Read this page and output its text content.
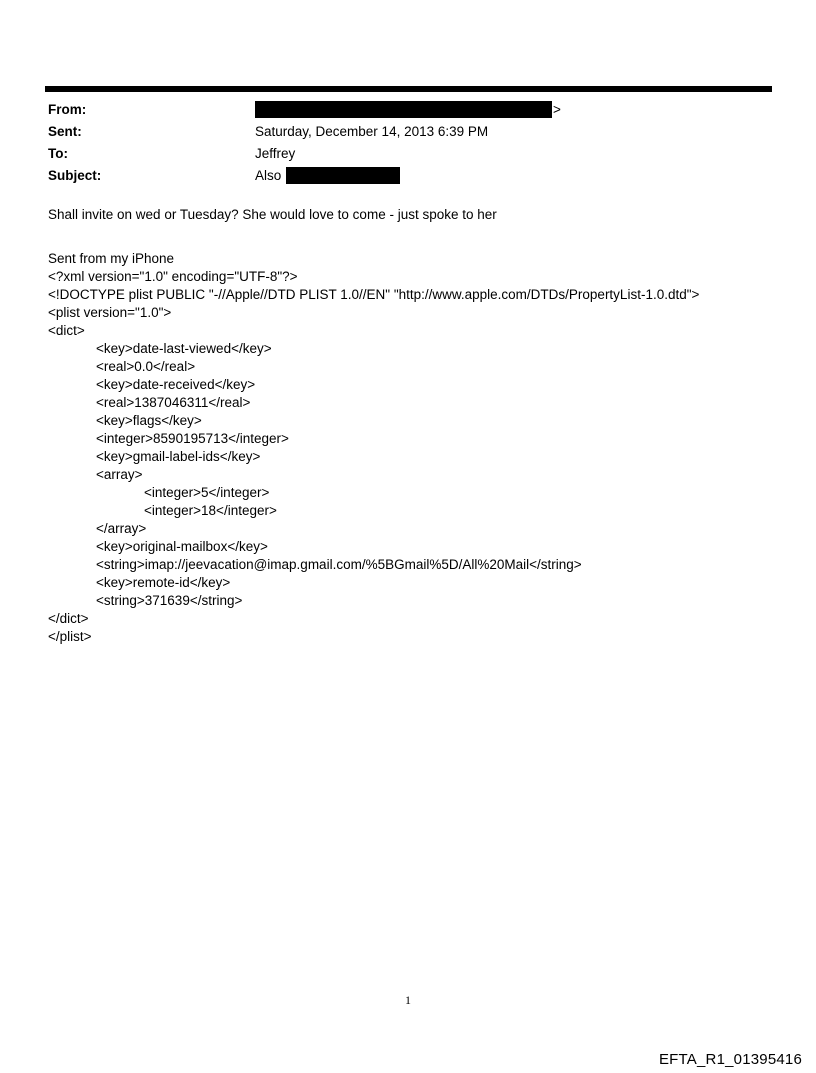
From:	>
Sent:	Saturday, December 14, 2013 6:39 PM
To:	Jeffrey
Subject:	Also
Shall invite on wed or Tuesday? She would love to come - just spoke to her
Sent from my iPhone
<?xml version="1.0" encoding="UTF-8"?>
<!DOCTYPE plist PUBLIC "-//Apple//DTD PLIST 1.0//EN" "http://www.apple.com/DTDs/PropertyList-1.0.dtd">
<plist version="1.0">
<dict>
<key>date-last-viewed</key>
<real>0.0</real>
<key>date-received</key>
<real>1387046311</real>
<key>flags</key>
<integer>8590195713</integer>
<key>gmail-label-ids</key>
<array>
<integer>5</integer>
<integer>18</integer>
</array>
<key>original-mailbox</key>
<string>imap://jeevacation@imap.gmail.com/%5BGmail%5D/All%20Mail</string>
<key>remote-id</key>
<string>371639</string>
</dict>
</plist>
1
EFTA_R1_01395416
